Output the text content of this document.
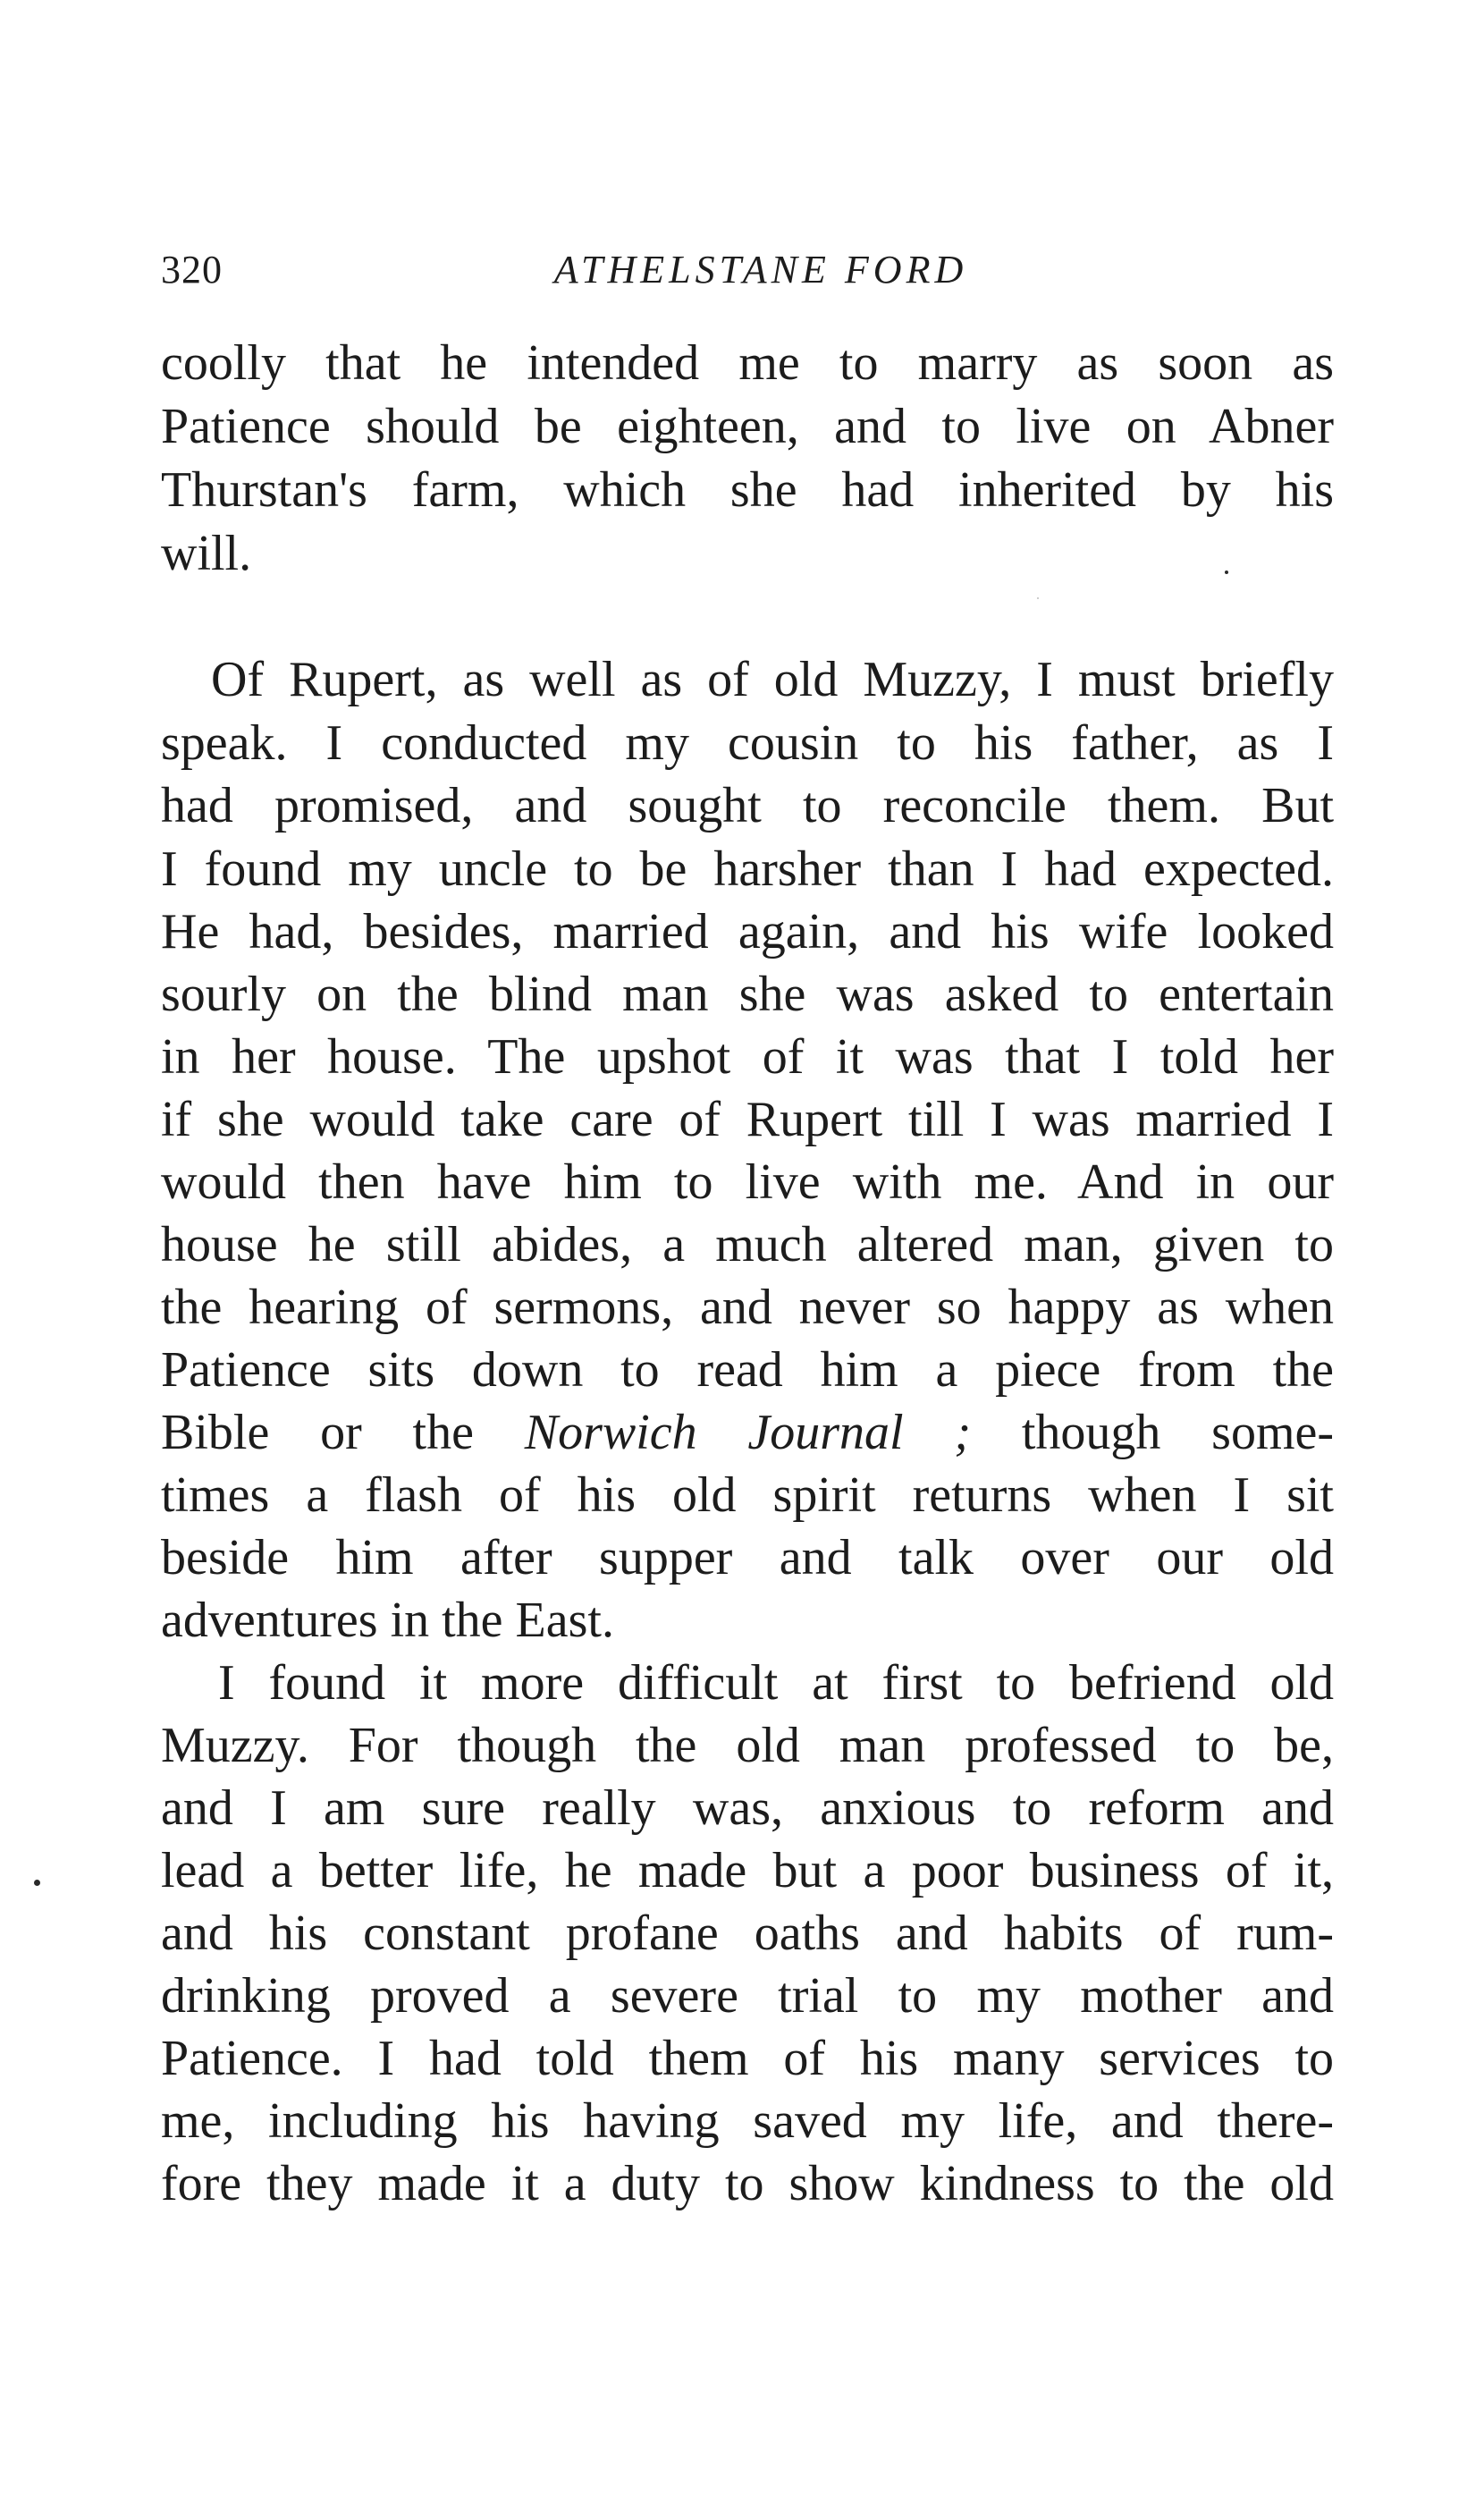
320	ATHELSTANE FORD
coolly that he intended me to marry as soon as
Patience should be eighteen, and to live on Abner
Thurstan's farm, which she had inherited by his
will.
Of Rupert, as well as of old Muzzy, I must briefly
speak. I conducted my cousin to his father, as I
had promised, and sought to reconcile them. But
I found my uncle to be harsher than I had expected.
He had, besides, married again, and his wife looked
sourly on the blind man she was asked to entertain
in her house. The upshot of it was that I told her
if she would take care of Rupert till I was married I
would then have him to live with me. And in our
house he still abides, a much altered man, given to
the hearing of sermons, and never so happy as when
Patience sits down to read him a piece from the
Bible or the Norwich Journal ; though some-
times a flash of his old spirit returns when I sit
beside him after supper and talk over our old
adventures in the East.
I found it more difficult at first to befriend old
Muzzy. For though the old man professed to be,
and I am sure really was, anxious to reform and
lead a better life, he made but a poor business of it,
and his constant profane oaths and habits of rum-
drinking proved a severe trial to my mother and
Patience. I had told them of his many services to
me, including his having saved my life, and there-
fore they made it a duty to show kindness to the old
